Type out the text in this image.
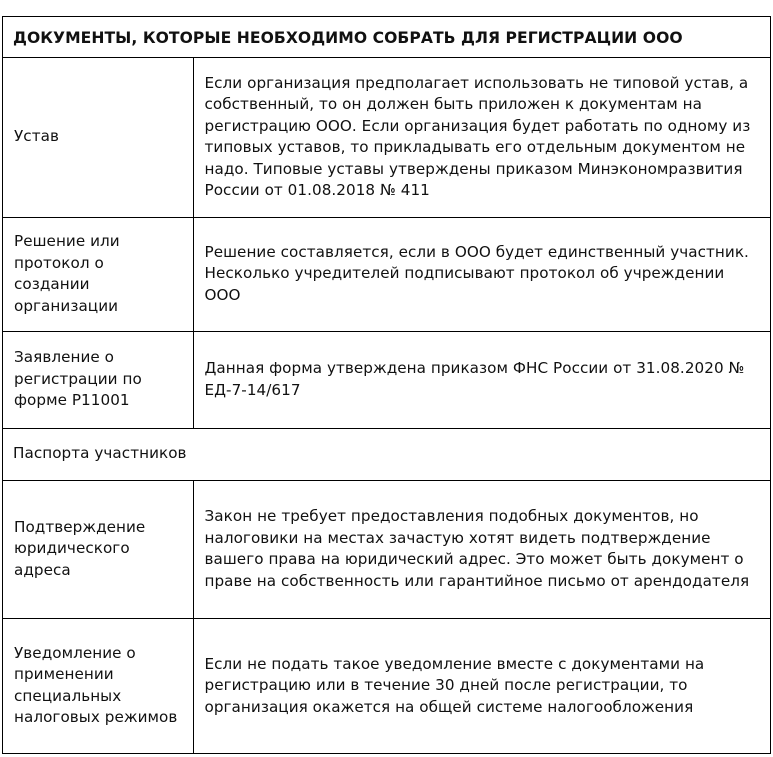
ДОКУМЕНТЫ, КОТОРЫЕ НЕОБХОДИМО СОБРАТЬ ДЛЯ РЕГИСТРАЦИИ ООО	
Устав	Если организация предполагает использовать не типовой устав, а собственный, то он должен быть приложен к документам на регистрацию ООО. Если организация будет работать по одному из типовых уставов, то прикладывать его отдельным документом не надо. Типовые уставы утверждены приказом Минэкономразвития России от 01.08.2018 № 411
Решение или протокол о создании организации	Решение составляется, если в ООО будет единственный участник. Несколько учредителей подписывают протокол об учреждении ООО
Заявление о регистрации по форме Р11001	Данная форма утверждена приказом ФНС России от 31.08.2020 № ЕД-7-14/617
Паспорта участников	
Подтверждение юридического адреса	Закон не требует предоставления подобных документов, но налоговики на местах зачастую хотят видеть подтверждение вашего права на юридический адрес. Это может быть документ о праве на собственность или гарантийное письмо от арендодателя
Уведомление о применении специальных налоговых режимов	Если не подать такое уведомление вместе с документами на регистрацию или в течение 30 дней после регистрации, то организация окажется на общей системе налогообложения
